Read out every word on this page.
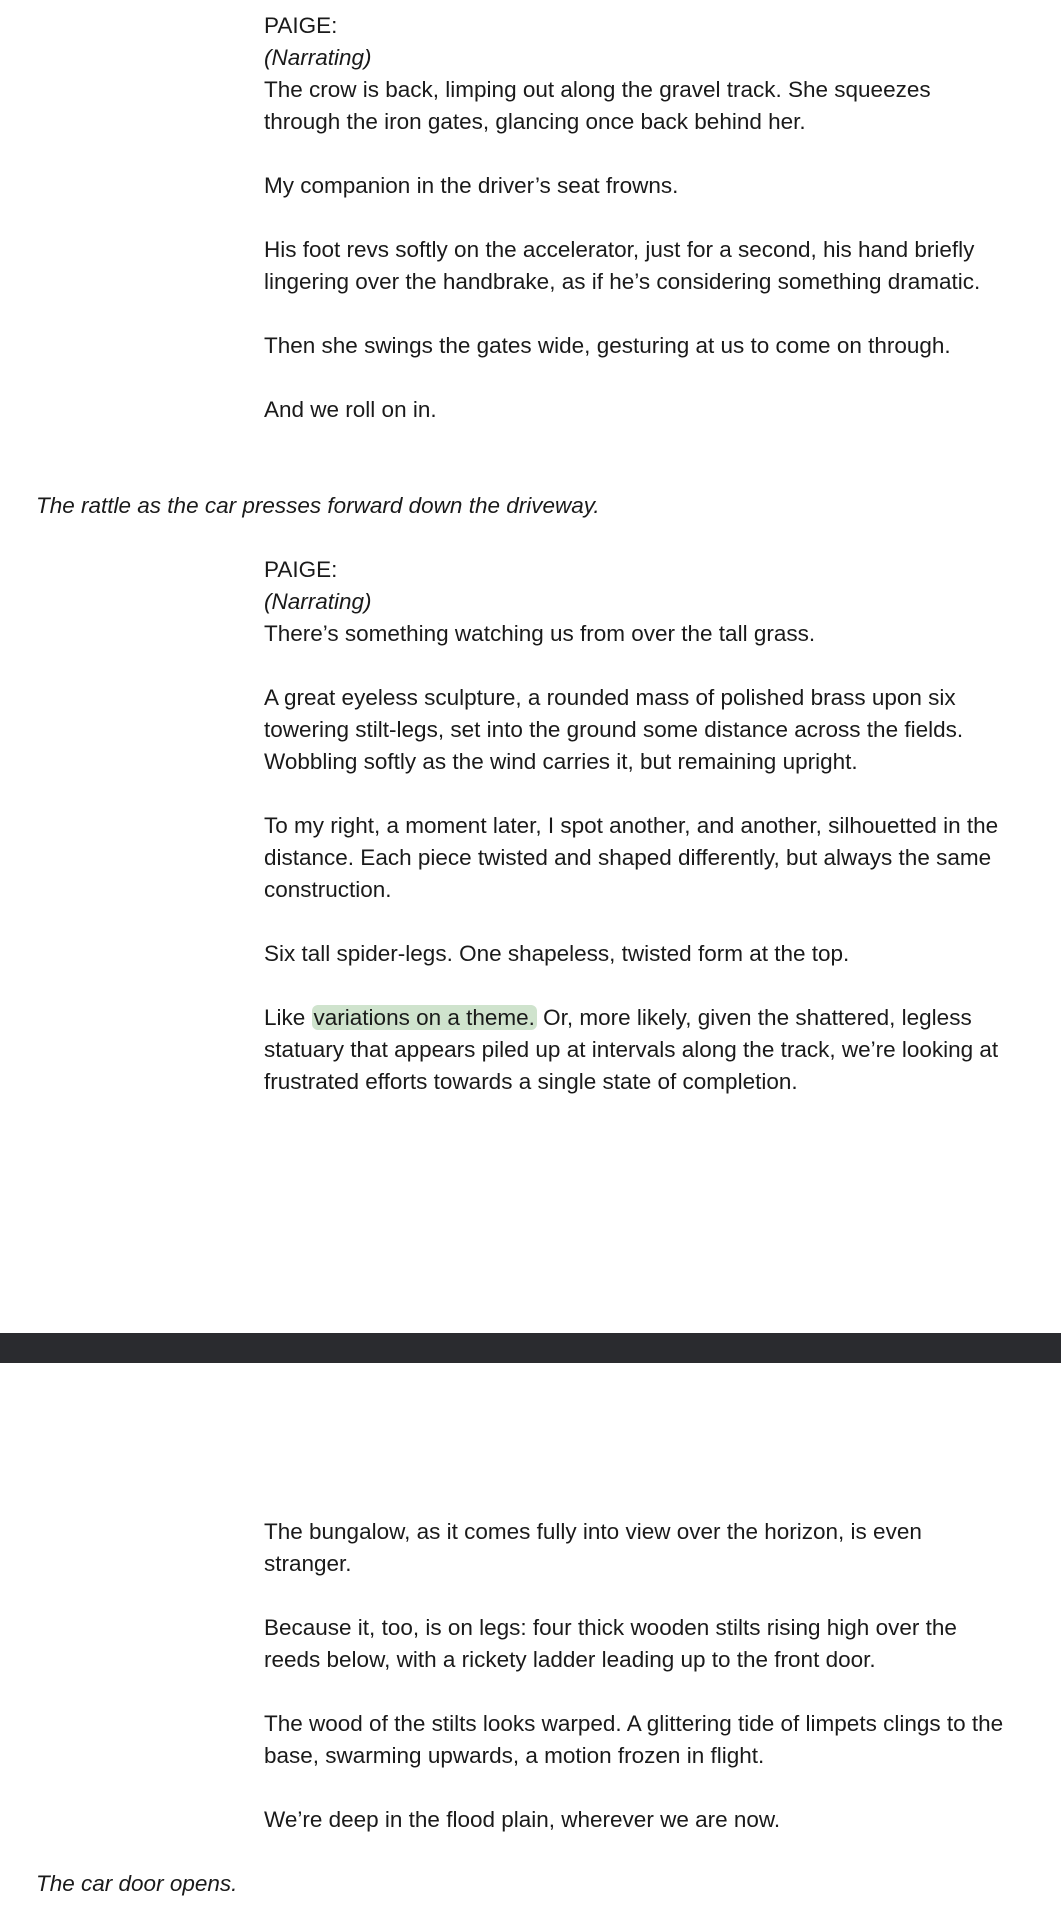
PAIGE:
(Narrating)

The crow is back, limping out along the gravel track. She squeezes through the iron gates, glancing once back behind her.

My companion in the driver’s seat frowns.

His foot revs softly on the accelerator, just for a second, his hand briefly lingering over the handbrake, as if he’s considering something dramatic.

Then she swings the gates wide, gesturing at us to come on through.

And we roll on in.

The rattle as the car presses forward down the driveway.

PAIGE:
(Narrating)

There’s something watching us from over the tall grass.

A great eyeless sculpture, a rounded mass of polished brass upon six towering stilt-legs, set into the ground some distance across the fields. Wobbling softly as the wind carries it, but remaining upright.

To my right, a moment later, I spot another, and another, silhouetted in the distance. Each piece twisted and shaped differently, but always the same construction.

Six tall spider-legs. One shapeless, twisted form at the top.

Like variations on a theme. Or, more likely, given the shattered, legless statuary that appears piled up at intervals along the track, we’re looking at frustrated efforts towards a single state of completion.

The bungalow, as it comes fully into view over the horizon, is even stranger.

Because it, too, is on legs: four thick wooden stilts rising high over the reeds below, with a rickety ladder leading up to the front door.

The wood of the stilts looks warped. A glittering tide of limpets clings to the base, swarming upwards, a motion frozen in flight.

We’re deep in the flood plain, wherever we are now.

The car door opens.
